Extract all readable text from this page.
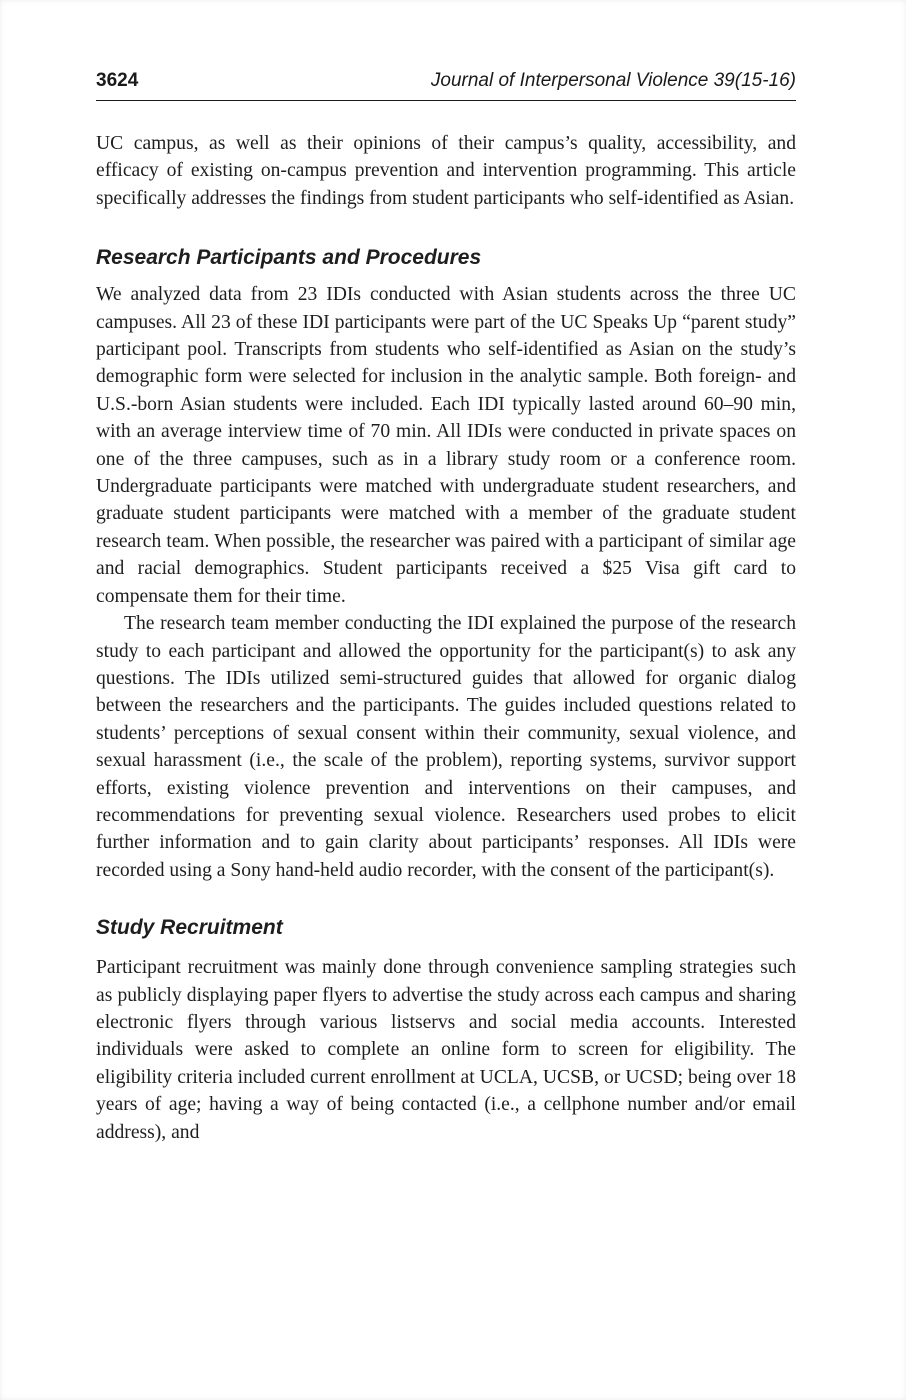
3624	Journal of Interpersonal Violence 39(15-16)

UC campus, as well as their opinions of their campus’s quality, accessibility, and efficacy of existing on-campus prevention and intervention programming. This article specifically addresses the findings from student participants who self-identified as Asian.

Research Participants and Procedures

We analyzed data from 23 IDIs conducted with Asian students across the three UC campuses. All 23 of these IDI participants were part of the UC Speaks Up “parent study” participant pool. Transcripts from students who self-identified as Asian on the study’s demographic form were selected for inclusion in the analytic sample. Both foreign- and U.S.-born Asian students were included. Each IDI typically lasted around 60–90 min, with an average interview time of 70 min. All IDIs were conducted in private spaces on one of the three campuses, such as in a library study room or a conference room. Undergraduate participants were matched with undergraduate student researchers, and graduate student participants were matched with a member of the graduate student research team. When possible, the researcher was paired with a participant of similar age and racial demographics. Student participants received a $25 Visa gift card to compensate them for their time.

The research team member conducting the IDI explained the purpose of the research study to each participant and allowed the opportunity for the participant(s) to ask any questions. The IDIs utilized semi-structured guides that allowed for organic dialog between the researchers and the participants. The guides included questions related to students’ perceptions of sexual consent within their community, sexual violence, and sexual harassment (i.e., the scale of the problem), reporting systems, survivor support efforts, existing violence prevention and interventions on their campuses, and recommendations for preventing sexual violence. Researchers used probes to elicit further information and to gain clarity about participants’ responses. All IDIs were recorded using a Sony hand-held audio recorder, with the consent of the participant(s).

Study Recruitment

Participant recruitment was mainly done through convenience sampling strategies such as publicly displaying paper flyers to advertise the study across each campus and sharing electronic flyers through various listservs and social media accounts. Interested individuals were asked to complete an online form to screen for eligibility. The eligibility criteria included current enrollment at UCLA, UCSB, or UCSD; being over 18 years of age; having a way of being contacted (i.e., a cellphone number and/or email address), and
